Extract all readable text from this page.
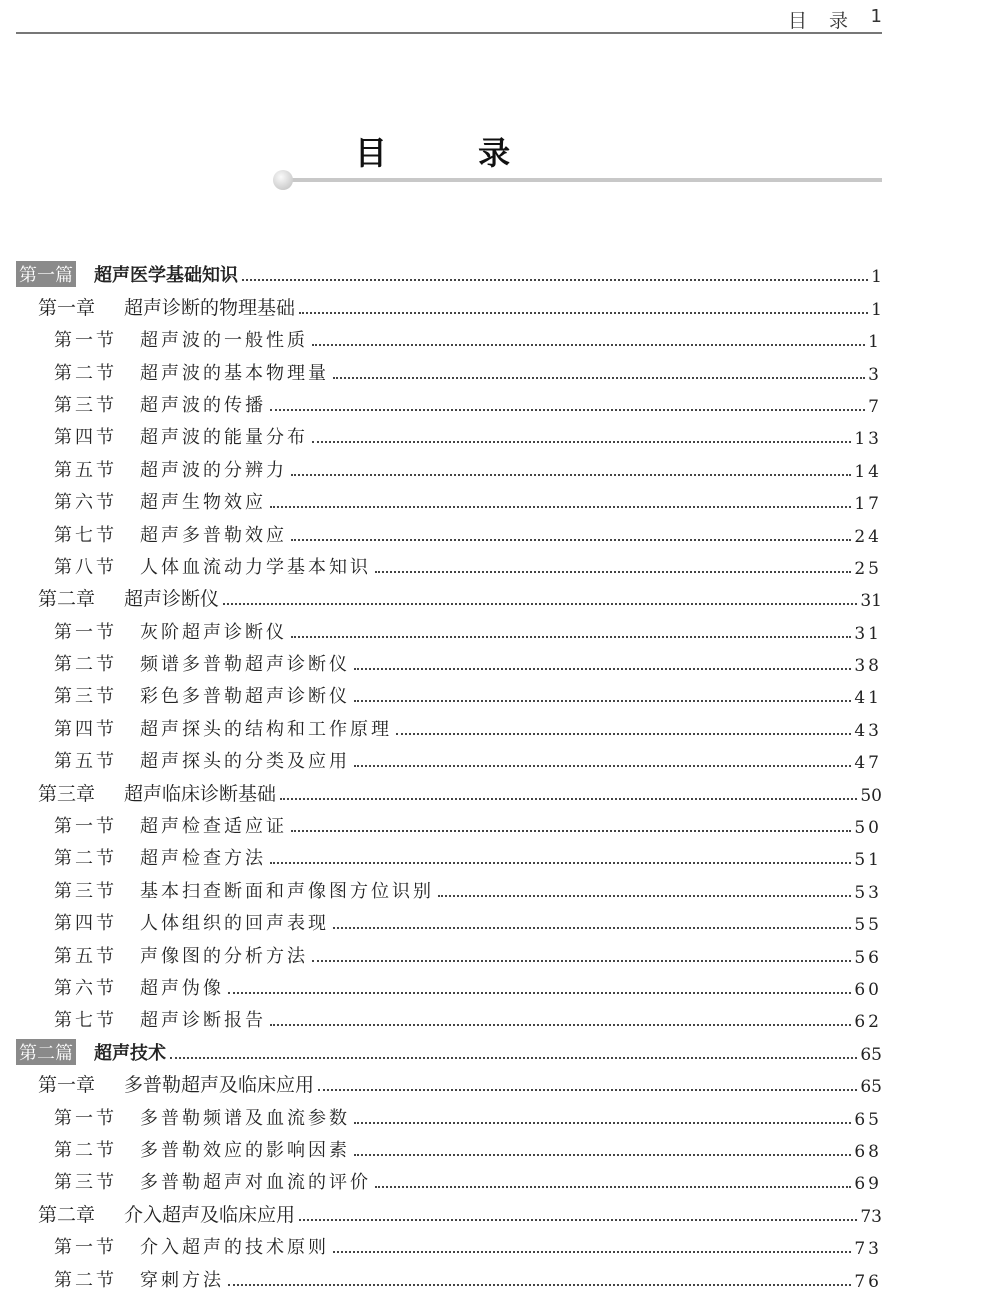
目 录 1
目 录
第一篇 超声医学基础知识	1
第一章	超声诊断的物理基础	1
第一节	超声波的一般性质	1
第二节	超声波的基本物理量	3
第三节	超声波的传播	7
第四节	超声波的能量分布	13
第五节	超声波的分辨力	14
第六节	超声生物效应	17
第七节	超声多普勒效应	24
第八节	人体血流动力学基本知识	25
第二章	超声诊断仪	31
第一节	灰阶超声诊断仪	31
第二节	频谱多普勒超声诊断仪	38
第三节	彩色多普勒超声诊断仪	41
第四节	超声探头的结构和工作原理	43
第五节	超声探头的分类及应用	47
第三章	超声临床诊断基础	50
第一节	超声检查适应证	50
第二节	超声检查方法	51
第三节	基本扫查断面和声像图方位识别	53
第四节	人体组织的回声表现	55
第五节	声像图的分析方法	56
第六节	超声伪像	60
第七节	超声诊断报告	62
第二篇 超声技术	65
第一章	多普勒超声及临床应用	65
第一节	多普勒频谱及血流参数	65
第二节	多普勒效应的影响因素	68
第三节	多普勒超声对血流的评价	69
第二章	介入超声及临床应用	73
第一节	介入超声的技术原则	73
第二节	穿刺方法	76
